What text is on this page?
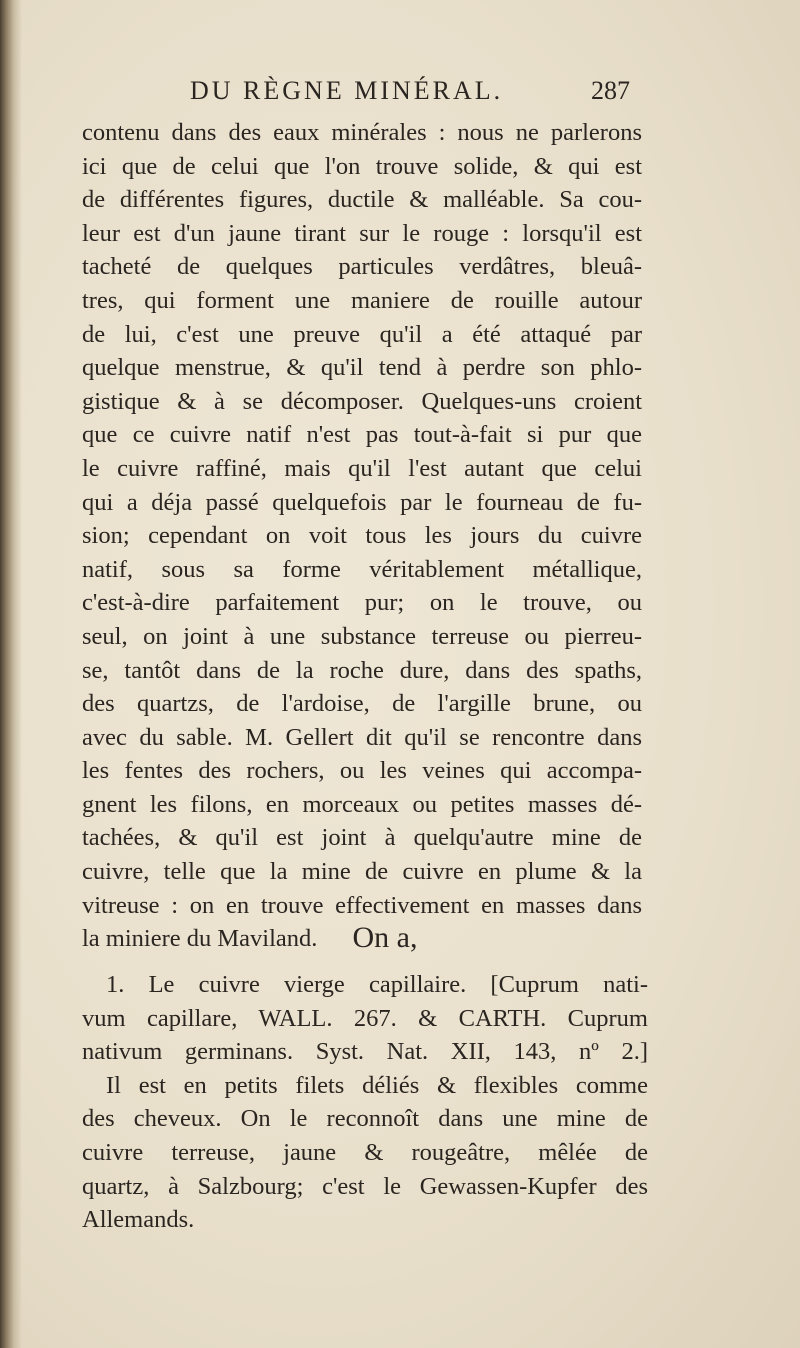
DU RÈGNE MINÉRAL.	287
contenu dans des eaux minérales : nous ne parlerons
ici que de celui que l'on trouve solide, & qui est
de différentes figures, ductile & malléable. Sa cou-
leur est d'un jaune tirant sur le rouge : lorsqu'il est
tacheté de quelques particules verdâtres, bleuâ-
tres, qui forment une maniere de rouille autour
de lui, c'est une preuve qu'il a été attaqué par
quelque menstrue, & qu'il tend à perdre son phlo-
gistique & à se décomposer. Quelques-uns croient
que ce cuivre natif n'est pas tout-à-fait si pur que
le cuivre raffiné, mais qu'il l'est autant que celui
qui a déja passé quelquefois par le fourneau de fu-
sion; cependant on voit tous les jours du cuivre
natif, sous sa forme véritablement métallique,
c'est-à-dire parfaitement pur; on le trouve, ou
seul, on joint à une substance terreuse ou pierreu-
se, tantôt dans de la roche dure, dans des spaths,
des quartzs, de l'ardoise, de l'argille brune, ou
avec du sable. M. Gellert dit qu'il se rencontre dans
les fentes des rochers, ou les veines qui accompa-
gnent les filons, en morceaux ou petites masses dé-
tachées, & qu'il est joint à quelqu'autre mine de
cuivre, telle que la mine de cuivre en plume & la
vitreuse : on en trouve effectivement en masses dans
la miniere du Maviland.	On a,
1. Le cuivre vierge capillaire. [Cuprum nati-
vum capillare, WALL. 267. & CARTH. Cuprum
nativum germinans. Syst. Nat. XII, 143, nº 2.]
Il est en petits filets déliés & flexibles comme
des cheveux. On le reconnoît dans une mine de
cuivre terreuse, jaune & rougeâtre, mêlée de
quartz, à Salzbourg; c'est le Gewassen-Kupfer des
Allemands.
